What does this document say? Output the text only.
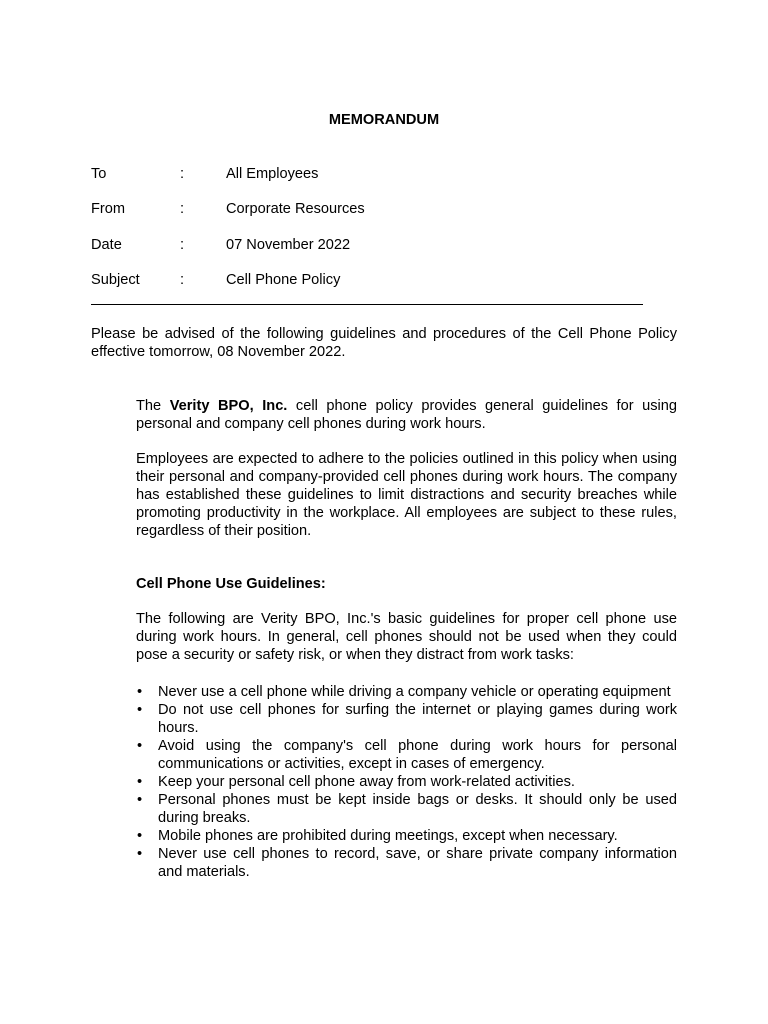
MEMORANDUM
To	:	All Employees
From	:	Corporate Resources
Date	:	07 November 2022
Subject	:	Cell Phone Policy
Please be advised of the following guidelines and procedures of the Cell Phone Policy effective tomorrow, 08 November 2022.
The Verity BPO, Inc. cell phone policy provides general guidelines for using personal and company cell phones during work hours.
Employees are expected to adhere to the policies outlined in this policy when using their personal and company-provided cell phones during work hours. The company has established these guidelines to limit distractions and security breaches while promoting productivity in the workplace. All employees are subject to these rules, regardless of their position.
Cell Phone Use Guidelines:
The following are Verity BPO, Inc.'s basic guidelines for proper cell phone use during work hours. In general, cell phones should not be used when they could pose a security or safety risk, or when they distract from work tasks:
• Never use a cell phone while driving a company vehicle or operating equipment
• Do not use cell phones for surfing the internet or playing games during work hours.
• Avoid using the company's cell phone during work hours for personal communications or activities, except in cases of emergency.
• Keep your personal cell phone away from work-related activities.
• Personal phones must be kept inside bags or desks. It should only be used during breaks.
• Mobile phones are prohibited during meetings, except when necessary.
• Never use cell phones to record, save, or share private company information and materials.
